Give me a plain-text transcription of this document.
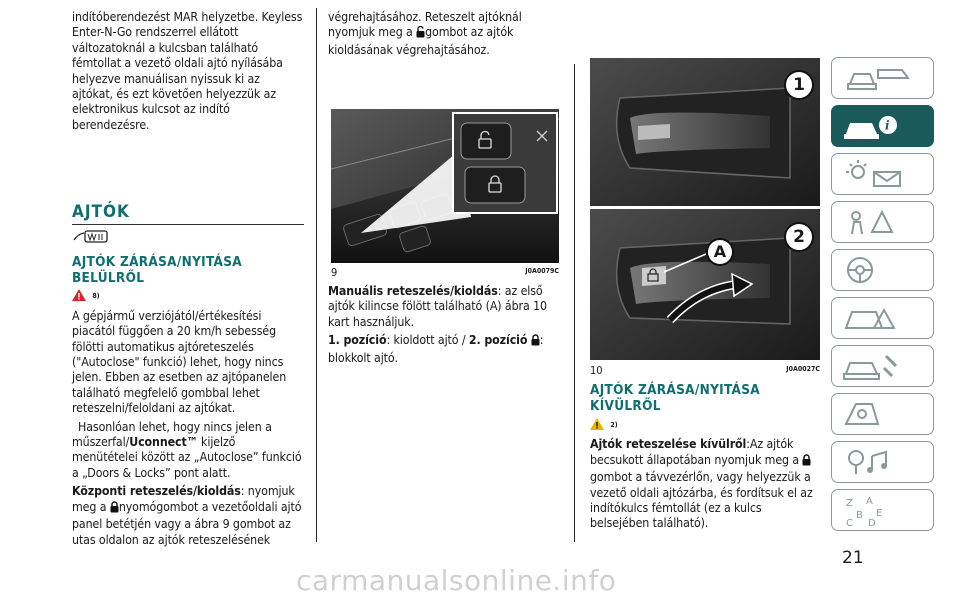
indítóberendezést MAR helyzetbe. Keyless Enter-N-Go rendszerrel ellátott változatoknál a kulcsban található fémtollat a vezető oldali ajtó nyílásába helyezve manuálisan nyissuk ki az ajtókat, és ezt követően helyezzük az elektronikus kulcsot az indító berendezésre.

AJTÓK

AJTÓK ZÁRÁSA/NYITÁSA BELÜLRŐL

$^{8)}$

A gépjármű verziójától/értékesítési piacától függően a 20 km/h sebesség fölötti automatikus ajtóreteszelés ("Autoclose" funkció) lehet, hogy nincs jelen. Ebben az esetben az ajtópanelen található megfelelő gombbal lehet reteszelni/feloldani az ajtókat.

Hasonlóan lehet, hogy nincs jelen a műszerfal/Uconnect™ kijelző menütételei között az „Autoclose” funkció a „Doors & Locks” pont alatt.

Központi reteszelés/kioldás: nyomjuk meg a nyomógombot a vezetőoldali ajtó panel betétjén vagy a ábra 9 gombot az utas oldalon az ajtók reteszelésének

végrehajtásához. Reteszelt ajtóknál nyomjuk meg a gombot az ajtók kioldásának végrehajtásához.

9	J0A0079C

Manuális reteszelés/kioldás: az első ajtók kilincse fölött található (A) ábra 10 kart használjuk.

1. pozíció: kioldott ajtó / 2. pozíció :
blokkolt ajtó.

1
2
A
10	J0A0027C

AJTÓK ZÁRÁSA/NYITÁSA KÍVÜLRŐL

$^{2)}$

Ajtók reteszelése kívülről:Az ajtók becsukott állapotában nyomjuk meg a
gombot a távvezérlőn, vagy helyezzük a vezető oldali ajtózárba, és fordítsuk el az indítókulcs fémtollát (ez a kulcs belsejében található).

i
Z A
B E
C D
21
carmanualsonline.info
